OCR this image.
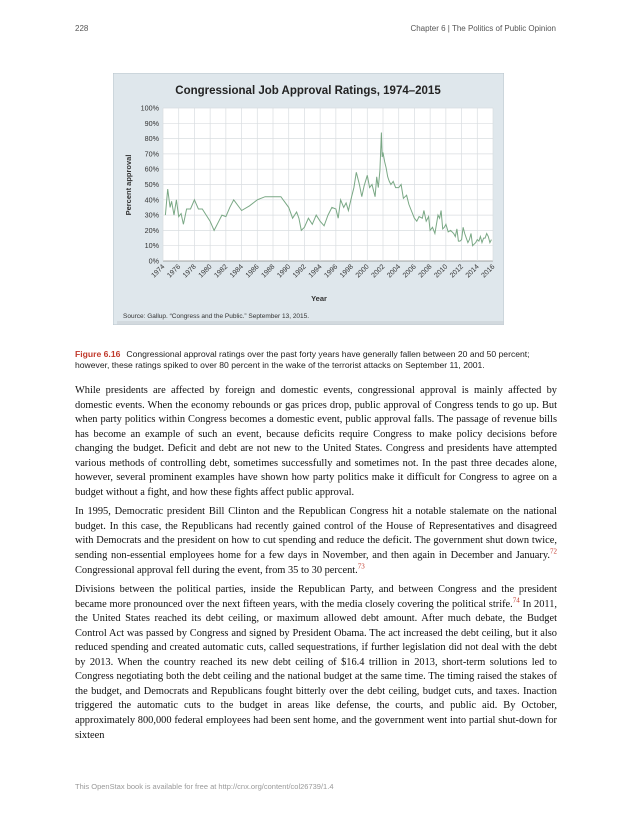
228	Chapter 6 | The Politics of Public Opinion
Congressional Job Approval Ratings, 1974–2015
0%
10%
20%
30%
40%
50%
60%
70%
80%
90%
100%
1974 1976 1978 1980 1982 1984 1986 1988 1990 1992 1994 1996 1998 2000 2002 2004 2006 2008 2010 2012 2014 2016
Percent approval
Year
Source: Gallup. “Congress and the Public.” September 13, 2015.
Figure 6.16 Congressional approval ratings over the past forty years have generally fallen between 20 and 50 percent; however, these ratings spiked to over 80 percent in the wake of the terrorist attacks on September 11, 2001.

While presidents are affected by foreign and domestic events, congressional approval is mainly affected by domestic events. When the economy rebounds or gas prices drop, public approval of Congress tends to go up. But when party politics within Congress becomes a domestic event, public approval falls. The passage of revenue bills has become an example of such an event, because deficits require Congress to make policy decisions before changing the budget. Deficit and debt are not new to the United States. Congress and presidents have attempted various methods of controlling debt, sometimes successfully and sometimes not. In the past three decades alone, however, several prominent examples have shown how party politics make it difficult for Congress to agree on a budget without a fight, and how these fights affect public approval.

In 1995, Democratic president Bill Clinton and the Republican Congress hit a notable stalemate on the national budget. In this case, the Republicans had recently gained control of the House of Representatives and disagreed with Democrats and the president on how to cut spending and reduce the deficit. The government shut down twice, sending non-essential employees home for a few days in November, and then again in December and January.$^{72}$ Congressional approval fell during the event, from 35 to 30 percent.$^{73}$

Divisions between the political parties, inside the Republican Party, and between Congress and the president became more pronounced over the next fifteen years, with the media closely covering the political strife.$^{74}$ In 2011, the United States reached its debt ceiling, or maximum allowed debt amount. After much debate, the Budget Control Act was passed by Congress and signed by President Obama. The act increased the debt ceiling, but it also reduced spending and created automatic cuts, called sequestrations, if further legislation did not deal with the debt by 2013. When the country reached its new debt ceiling of $16.4 trillion in 2013, short-term solutions led to Congress negotiating both the debt ceiling and the national budget at the same time. The timing raised the stakes of the budget, and Democrats and Republicans fought bitterly over the debt ceiling, budget cuts, and taxes. Inaction triggered the automatic cuts to the budget in areas like defense, the courts, and public aid. By October, approximately 800,000 federal employees had been sent home, and the government went into partial shut-down for sixteen

This OpenStax book is available for free at http://cnx.org/content/col26739/1.4
